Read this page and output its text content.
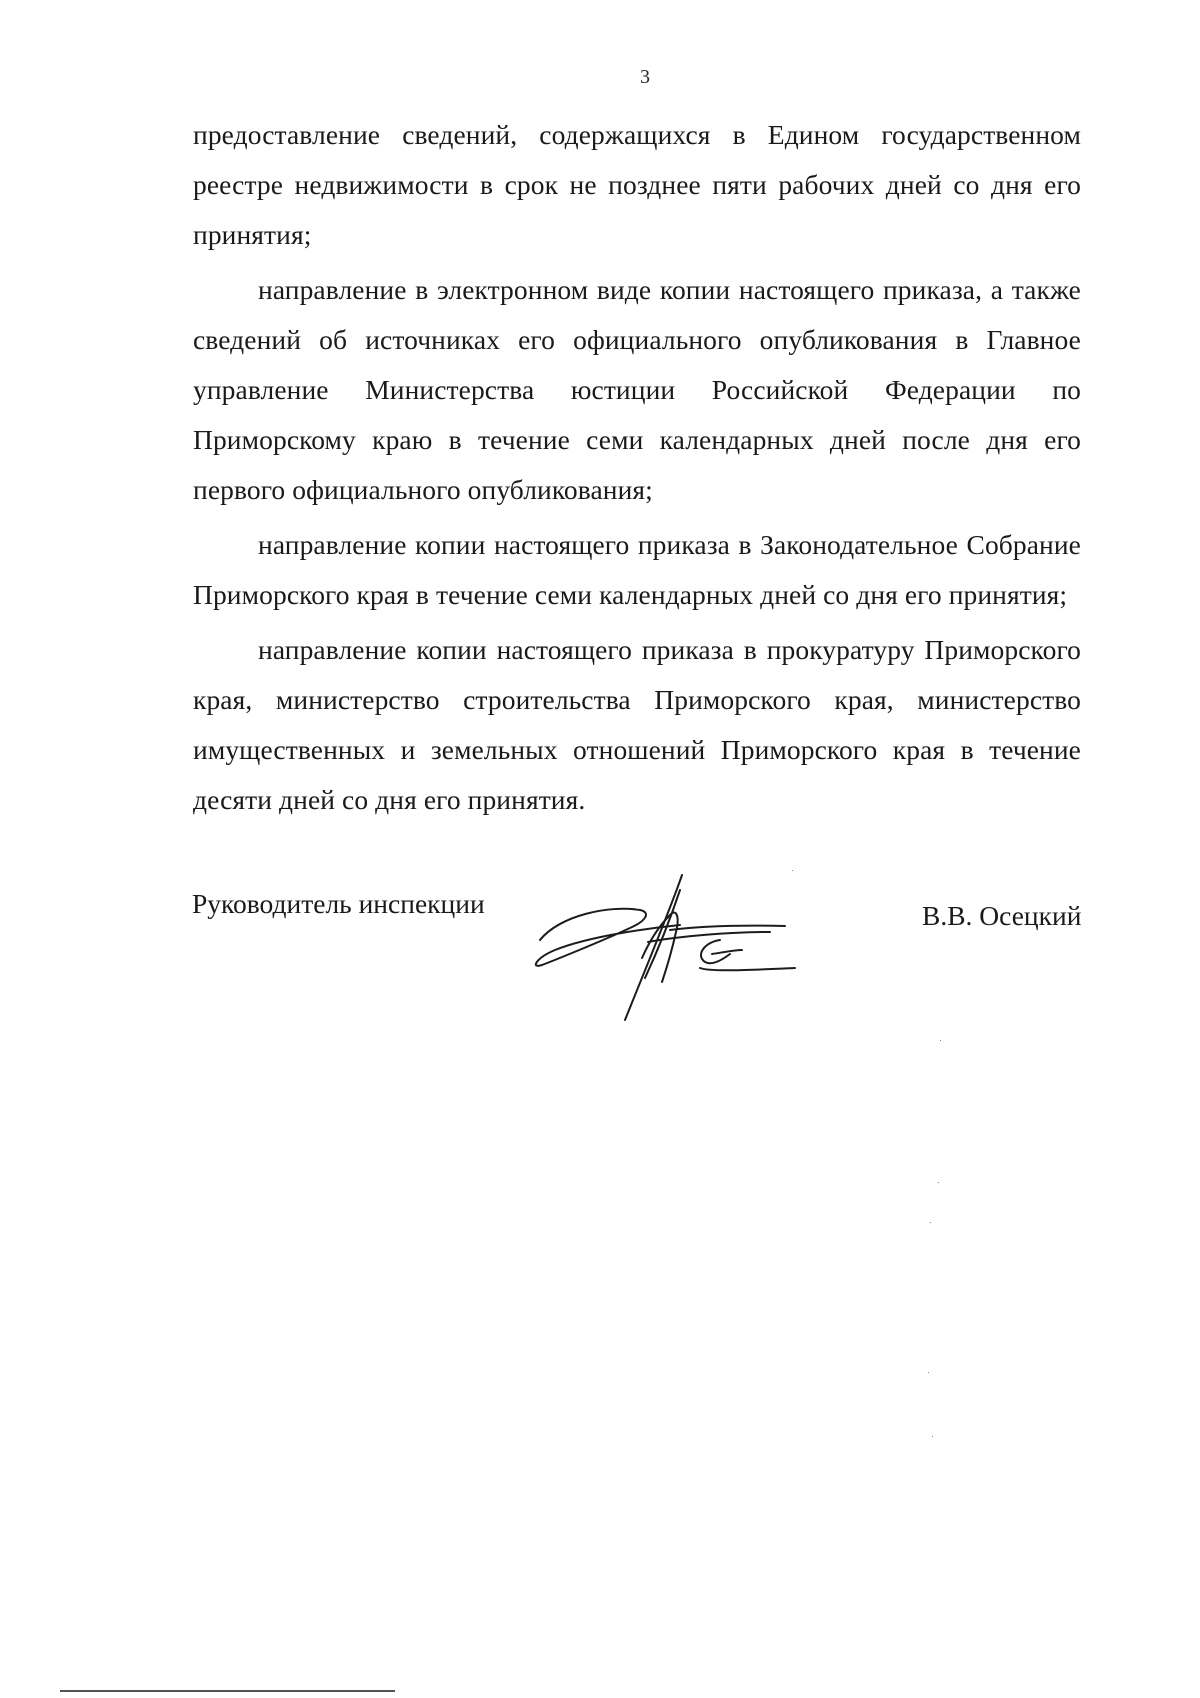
3

предоставление сведений, содержащихся в Едином государственном реестре недвижимости в срок не позднее пяти рабочих дней со дня его принятия;

направление в электронном виде копии настоящего приказа, а также сведений об источниках его официального опубликования в Главное управление Министерства юстиции Российской Федерации по Приморскому краю в течение семи календарных дней после дня его первого официального опубликования;

направление копии настоящего приказа в Законодательное Собрание Приморского края в течение семи календарных дней со дня его принятия;

направление копии настоящего приказа в прокуратуру Приморского края, министерство строительства Приморского края, министерство имущественных и земельных отношений Приморского края в течение десяти дней со дня его принятия.

Руководитель инспекции	В.В. Осецкий
